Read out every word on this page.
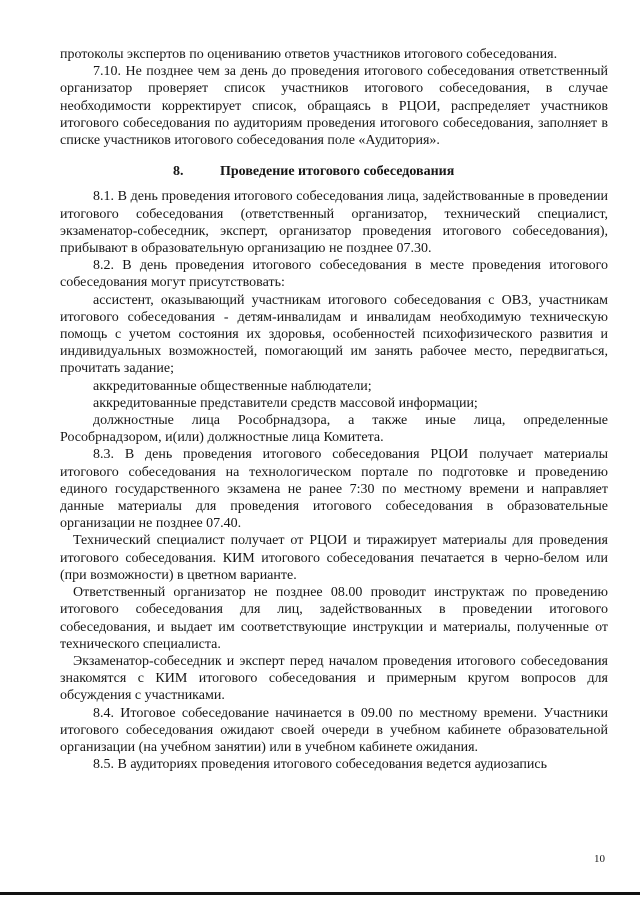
протоколы экспертов по оцениванию ответов участников итогового собеседования.

7.10. Не позднее чем за день до проведения итогового собеседования ответственный организатор проверяет список участников итогового собеседования, в случае необходимости корректирует список, обращаясь в РЦОИ, распределяет участников итогового собеседования по аудиториям проведения итогового собеседования, заполняет в списке участников итогового собеседования поле «Аудитория».

8.	Проведение итогового собеседования

8.1. В день проведения итогового собеседования лица, задействованные в проведении итогового собеседования (ответственный организатор, технический специалист, экзаменатор-собеседник, эксперт, организатор проведения итогового собеседования), прибывают в образовательную организацию не позднее 07.30.

8.2. В день проведения итогового собеседования в месте проведения итогового собеседования могут присутствовать:

ассистент, оказывающий участникам итогового собеседования с ОВЗ, участникам итогового собеседования - детям-инвалидам и инвалидам необходимую техническую помощь с учетом состояния их здоровья, особенностей психофизического развития и индивидуальных возможностей, помогающий им занять рабочее место, передвигаться, прочитать задание;

аккредитованные общественные наблюдатели;

аккредитованные представители средств массовой информации;

должностные лица Рособрнадзора, а также иные лица, определенные Рособрнадзором, и(или) должностные лица Комитета.

8.3. В день проведения итогового собеседования РЦОИ получает материалы итогового собеседования на технологическом портале по подготовке и проведению единого государственного экзамена не ранее 7:30 по местному времени и направляет данные материалы для проведения итогового собеседования в образовательные организации не позднее 07.40.

Технический специалист получает от РЦОИ и тиражирует материалы для проведения итогового собеседования. КИМ итогового собеседования печатается в черно-белом или (при возможности) в цветном варианте.

Ответственный организатор не позднее 08.00 проводит инструктаж по проведению итогового собеседования для лиц, задействованных в проведении итогового собеседования, и выдает им соответствующие инструкции и материалы, полученные от технического специалиста.

Экзаменатор-собеседник и эксперт перед началом проведения итогового собеседования знакомятся с КИМ итогового собеседования и примерным кругом вопросов для обсуждения с участниками.

8.4. Итоговое собеседование начинается в 09.00 по местному времени. Участники итогового собеседования ожидают своей очереди в учебном кабинете образовательной организации (на учебном занятии) или в учебном кабинете ожидания.

8.5. В аудиториях проведения итогового собеседования ведется аудиозапись

10
